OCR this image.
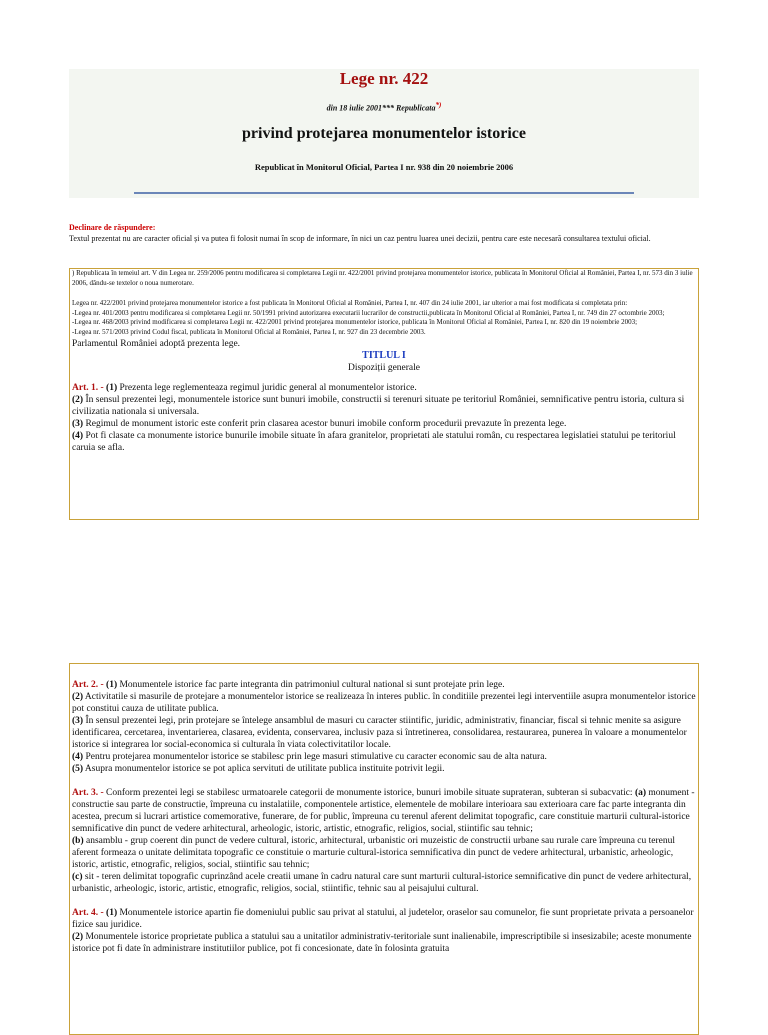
Lege nr. 422
din 18 iulie 2001*** Republicata*)
privind protejarea monumentelor istorice
Republicat în Monitorul Oficial, Partea I nr. 938 din 20 noiembrie 2006
Declinare de răspundere:
Textul prezentat nu are caracter oficial și va putea fi folosit numai în scop de informare, în nici un caz pentru luarea unei decizii, pentru care este necesară consultarea textului oficial.
) Republicata în temeiul art. V din Legea nr. 259/2006 pentru modificarea si completarea Legii nr. 422/2001 privind protejarea monumentelor istorice, publicata în Monitorul Oficial al României, Partea I, nr. 573 din 3 iulie 2006, dându-se textelor o noua numerotare.
Legea nr. 422/2001 privind protejarea monumentelor istorice a fost publicata în Monitorul Oficial al României, Partea I, nr. 407 din 24 iulie 2001, iar ulterior a mai fost modificata si completata prin:
-Legea nr. 401/2003 pentru modificarea si completarea Legii nr. 50/1991 privind autorizarea executarii lucrarilor de constructii,publicata în Monitorul Oficial al României, Partea I, nr. 749 din 27 octombrie 2003;
-Legea nr. 468/2003 privind modificarea si completarea Legii nr. 422/2001 privind protejarea monumentelor istorice, publicata în Monitorul Oficial al României, Partea I, nr. 820 din 19 noiembrie 2003;
-Legea nr. 571/2003 privind Codul fiscal, publicata în Monitorul Oficial al României, Partea I, nr. 927 din 23 decembrie 2003.
Parlamentul României adoptă prezenta lege.
TITLUL I
Dispoziții generale
Art. 1. - (1) Prezenta lege reglementeaza regimul juridic general al monumentelor istorice.
(2) În sensul prezentei legi, monumentele istorice sunt bunuri imobile, constructii si terenuri situate pe teritoriul României, semnificative pentru istoria, cultura si civilizatia nationala si universala.
(3) Regimul de monument istoric este conferit prin clasarea acestor bunuri imobile conform procedurii prevazute în prezenta lege.
(4) Pot fi clasate ca monumente istorice bunurile imobile situate în afara granitelor, proprietati ale statului român, cu respectarea legislatiei statului pe teritoriul caruia se afla.
Art. 2. - (1) Monumentele istorice fac parte integranta din patrimoniul cultural national si sunt protejate prin lege.
(2) Activitatile si masurile de protejare a monumentelor istorice se realizeaza în interes public. în conditiile prezentei legi interventiile asupra monumentelor istorice pot constitui cauza de utilitate publica.
(3) În sensul prezentei legi, prin protejare se întelege ansamblul de masuri cu caracter stiintific, juridic, administrativ, financiar, fiscal si tehnic menite sa asigure identificarea, cercetarea, inventarierea, clasarea, evidenta, conservarea, inclusiv paza si întretinerea, consolidarea, restaurarea, punerea în valoare a monumentelor istorice si integrarea lor social-economica si culturala în viata colectivitatilor locale.
(4) Pentru protejarea monumentelor istorice se stabilesc prin lege masuri stimulative cu caracter economic sau de alta natura.
(5) Asupra monumentelor istorice se pot aplica servituti de utilitate publica instituite potrivit legii.
Art. 3. - Conform prezentei legi se stabilesc urmatoarele categorii de monumente istorice, bunuri imobile situate suprateran, subteran si subacvatic: (a) monument - constructie sau parte de constructie, împreuna cu instalatiile, componentele artistice, elementele de mobilare interioara sau exterioara care fac parte integranta din acestea, precum si lucrari artistice comemorative, funerare, de for public, împreuna cu terenul aferent delimitat topografic, care constituie marturii cultural-istorice semnificative din punct de vedere arhitectural, arheologic, istoric, artistic, etnografic, religios, social, stiintific sau tehnic;
(b) ansamblu - grup coerent din punct de vedere cultural, istoric, arhitectural, urbanistic ori muzeistic de constructii urbane sau rurale care împreuna cu terenul aferent formeaza o unitate delimitata topografic ce constituie o marturie cultural-istorica semnificativa din punct de vedere arhitectural, urbanistic, arheologic, istoric, artistic, etnografic, religios, social, stiintific sau tehnic;
(c) sit - teren delimitat topografic cuprinzând acele creatii umane în cadru natural care sunt marturii cultural-istorice semnificative din punct de vedere arhitectural, urbanistic, arheologic, istoric, artistic, etnografic, religios, social, stiintific, tehnic sau al peisajului cultural.
Art. 4. - (1) Monumentele istorice apartin fie domeniului public sau privat al statului, al judetelor, oraselor sau comunelor, fie sunt proprietate privata a persoanelor fizice sau juridice.
(2) Monumentele istorice proprietate publica a statului sau a unitatilor administrativ-teritoriale sunt inalienabile, imprescriptibile si insesizabile; aceste monumente istorice pot fi date în administrare institutiilor publice, pot fi concesionate, date în folosinta gratuita
